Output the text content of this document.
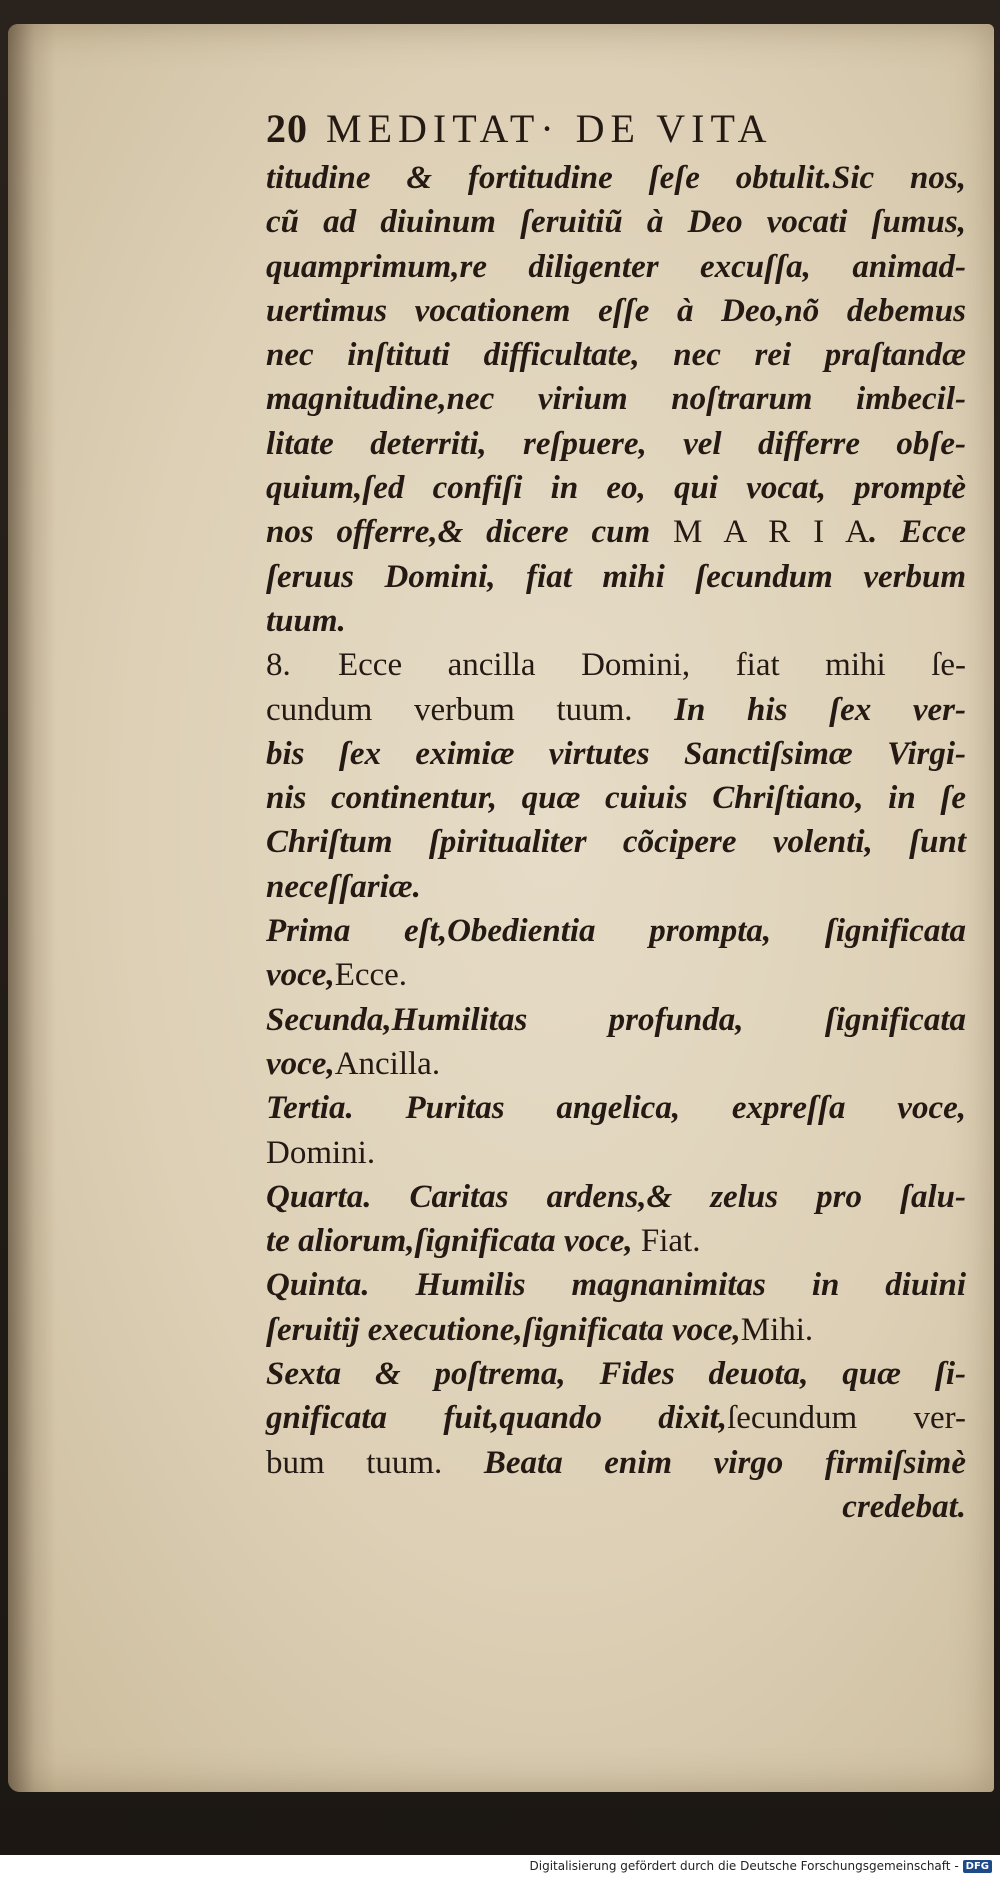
20 MEDITAT· DE VITA
titudine & fortitudine ſeſe obtulit.Sic nos,
cũ ad diuinum ſeruitiũ à Deo vocati ſumus,
quamprimum,re diligenter excuſſa, animad-
uertimus vocationem eſſe à Deo,nõ debemus
nec inſtituti difficultate, nec rei praſtandæ
magnitudine,nec virium noſtrarum imbecil-
litate deterriti, reſpuere, vel differre obſe-
quium,ſed confiſi in eo, qui vocat, promptè
nos offerre,& dicere cum M A R I A. Ecce
ſeruus Domini, fiat mihi ſecundum verbum
tuum.
8. Ecce ancilla Domini, fiat mihi ſe-
cundum verbum tuum. In his ſex ver-
bis ſex eximiæ virtutes Sanctiſsimæ Virgi-
nis continentur, quæ cuiuis Chriſtiano, in ſe
Chriſtum ſpiritualiter cõcipere volenti, ſunt
neceſſariæ.
Prima eſt,Obedientia prompta, ſignificata
voce,Ecce.
Secunda,Humilitas profunda, ſignificata
voce,Ancilla.
Tertia. Puritas angelica, expreſſa voce,
Domini.
Quarta. Caritas ardens,& zelus pro ſalu-
te aliorum,ſignificata voce, Fiat.
Quinta. Humilis magnanimitas in diuini
ſeruitij executione,ſignificata voce,Mihi.
Sexta & poſtrema, Fides deuota, quæ ſi-
gnificata fuit,quando dixit,ſecundum ver-
bum tuum. Beata enim virgo firmiſsimè
credebat.
Digitalisierung gefördert durch die Deutsche Forschungsgemeinschaft - DFG
